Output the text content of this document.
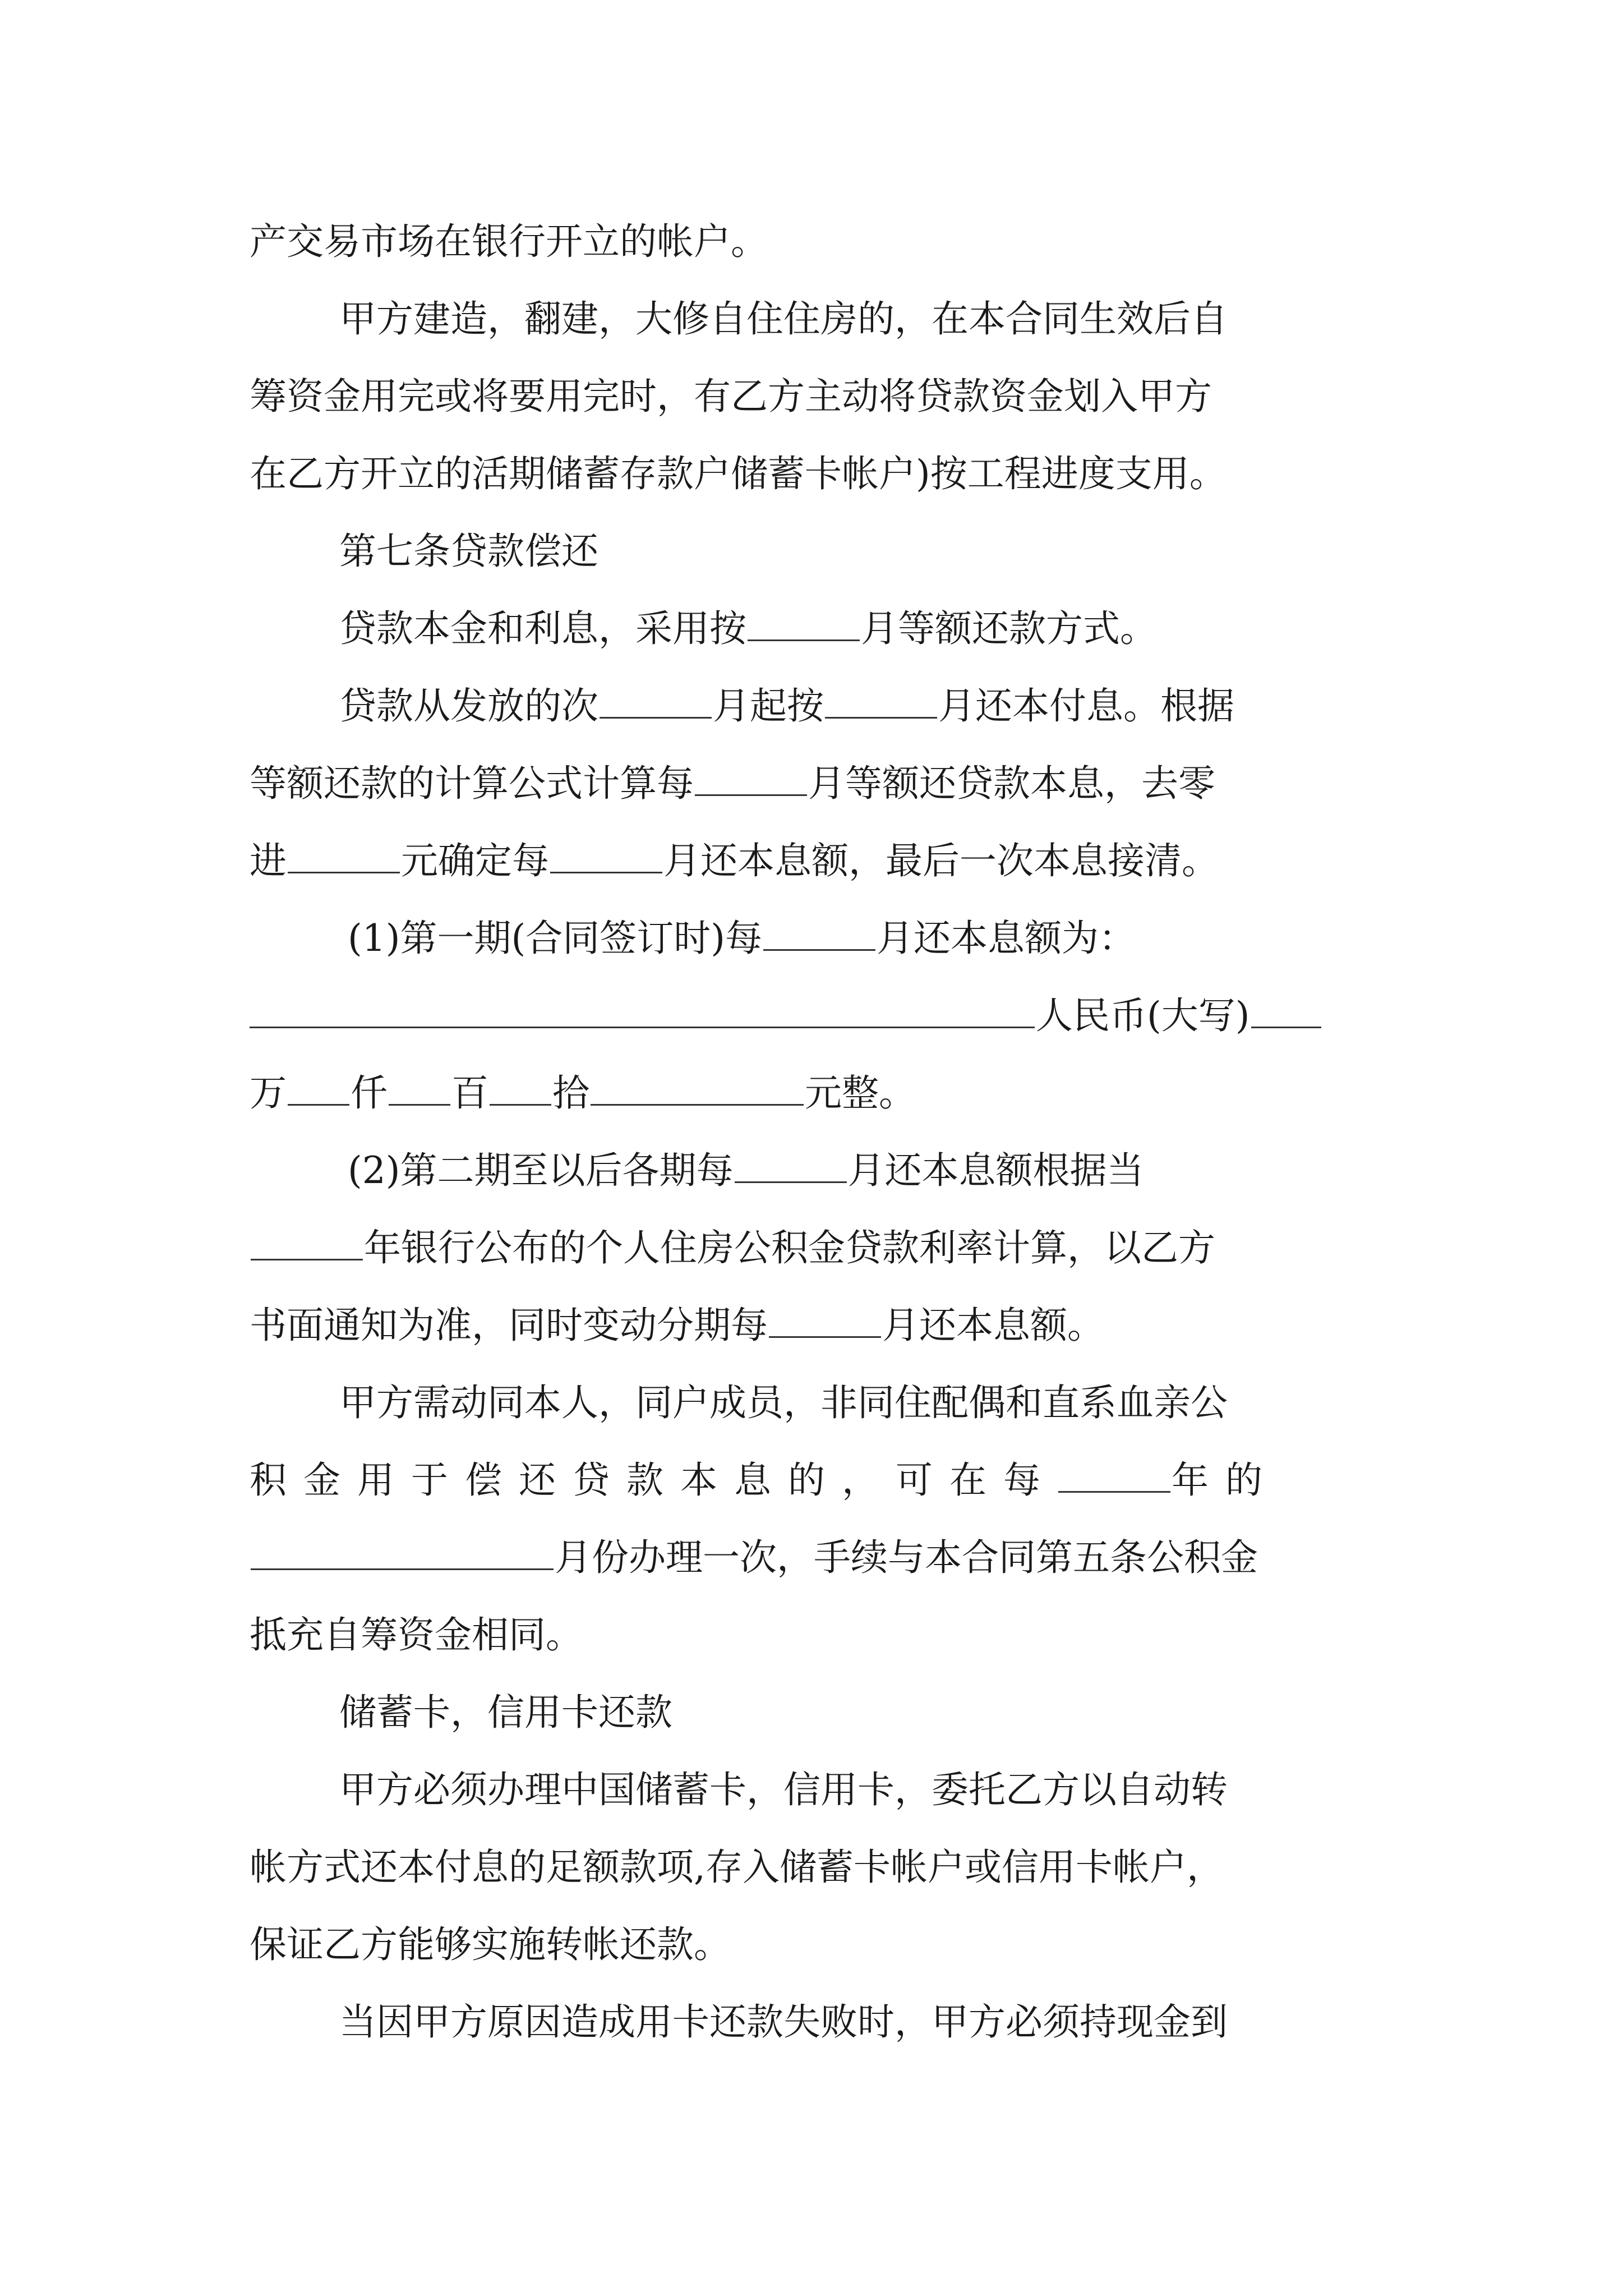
产交易市场在银行开立的帐户。
甲方建造，翻建，大修自住住房的，在本合同生效后自
筹资金用完或将要用完时，有乙方主动将贷款资金划入甲方
在乙方开立的活期储蓄存款户储蓄卡帐户)按工程进度支用。
第七条贷款偿还
贷款本金和利息，采用按	月等额还款方式。
贷款从发放的次	月起按	月还本付息。根据
等额还款的计算公式计算每	月等额还贷款本息，去零
进	元确定每	月还本息额，最后一次本息接清。
(1)第一期(合同签订时)每	月还本息额为：
人民币(大写)
万 仟 百 拾	元整。
(2)第二期至以后各期每	月还本息额根据当
年银行公布的个人住房公积金贷款利率计算，以乙方
书面通知为准，同时变动分期每	月还本息额。
甲方需动同本人，同户成员，非同住配偶和直系血亲公
积金用于偿还贷款本息的，可在每	年的
月份办理一次，手续与本合同第五条公积金
抵充自筹资金相同。
储蓄卡，信用卡还款
甲方必须办理中国储蓄卡，信用卡，委托乙方以自动转
帐方式还本付息的足额款项,存入储蓄卡帐户或信用卡帐户，
保证乙方能够实施转帐还款。
当因甲方原因造成用卡还款失败时，甲方必须持现金到
